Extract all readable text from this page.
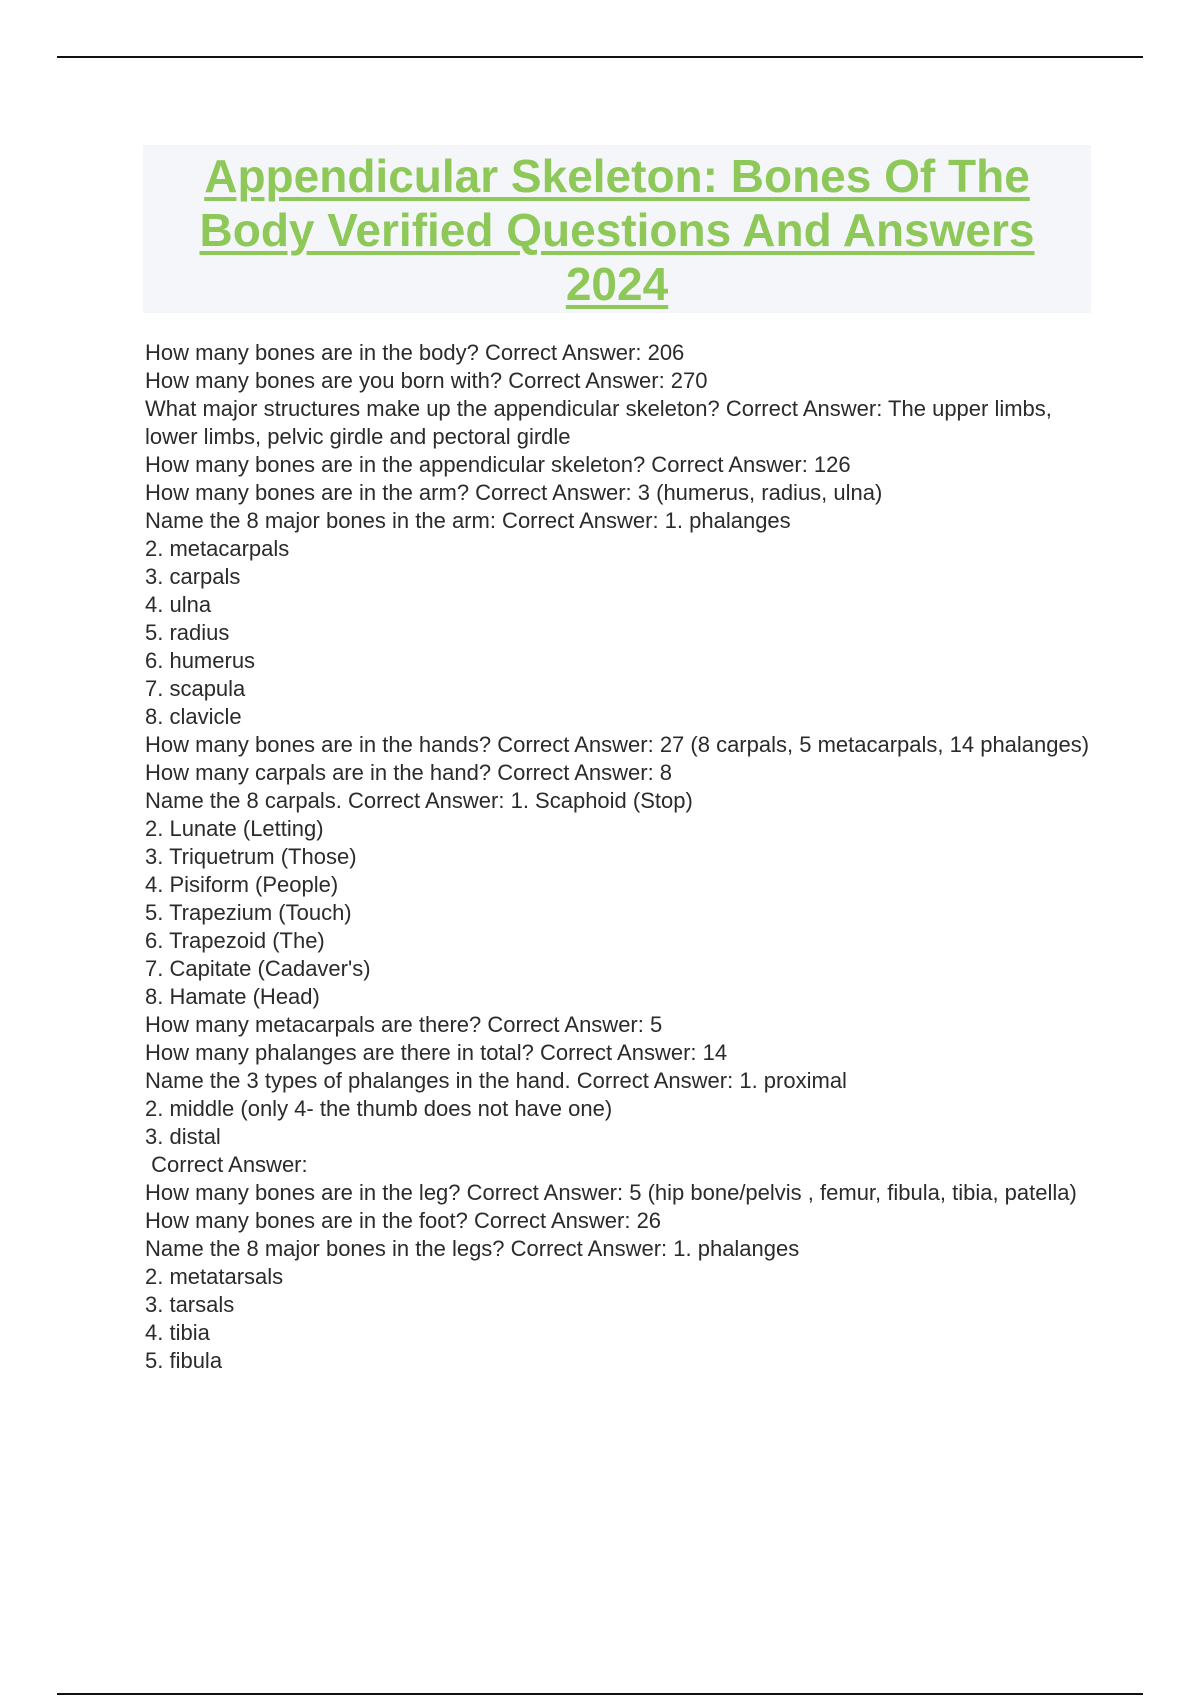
Appendicular Skeleton: Bones Of The Body Verified Questions And Answers 2024
How many bones are in the body? Correct Answer: 206
How many bones are you born with? Correct Answer: 270
What major structures make up the appendicular skeleton? Correct Answer: The upper limbs, lower limbs, pelvic girdle and pectoral girdle
How many bones are in the appendicular skeleton? Correct Answer: 126
How many bones are in the arm? Correct Answer: 3 (humerus, radius, ulna)
Name the 8 major bones in the arm: Correct Answer: 1. phalanges
2. metacarpals
3. carpals
4. ulna
5. radius
6. humerus
7. scapula
8. clavicle
How many bones are in the hands? Correct Answer: 27 (8 carpals, 5 metacarpals, 14 phalanges)
How many carpals are in the hand? Correct Answer: 8
Name the 8 carpals. Correct Answer: 1. Scaphoid (Stop)
2. Lunate (Letting)
3. Triquetrum (Those)
4. Pisiform (People)
5. Trapezium (Touch)
6. Trapezoid (The)
7. Capitate (Cadaver's)
8. Hamate (Head)
How many metacarpals are there? Correct Answer: 5
How many phalanges are there in total? Correct Answer: 14
Name the 3 types of phalanges in the hand. Correct Answer: 1. proximal
2. middle (only 4- the thumb does not have one)
3. distal
Correct Answer:
How many bones are in the leg? Correct Answer: 5 (hip bone/pelvis , femur, fibula, tibia, patella)
How many bones are in the foot? Correct Answer: 26
Name the 8 major bones in the legs? Correct Answer: 1. phalanges
2. metatarsals
3. tarsals
4. tibia
5. fibula
